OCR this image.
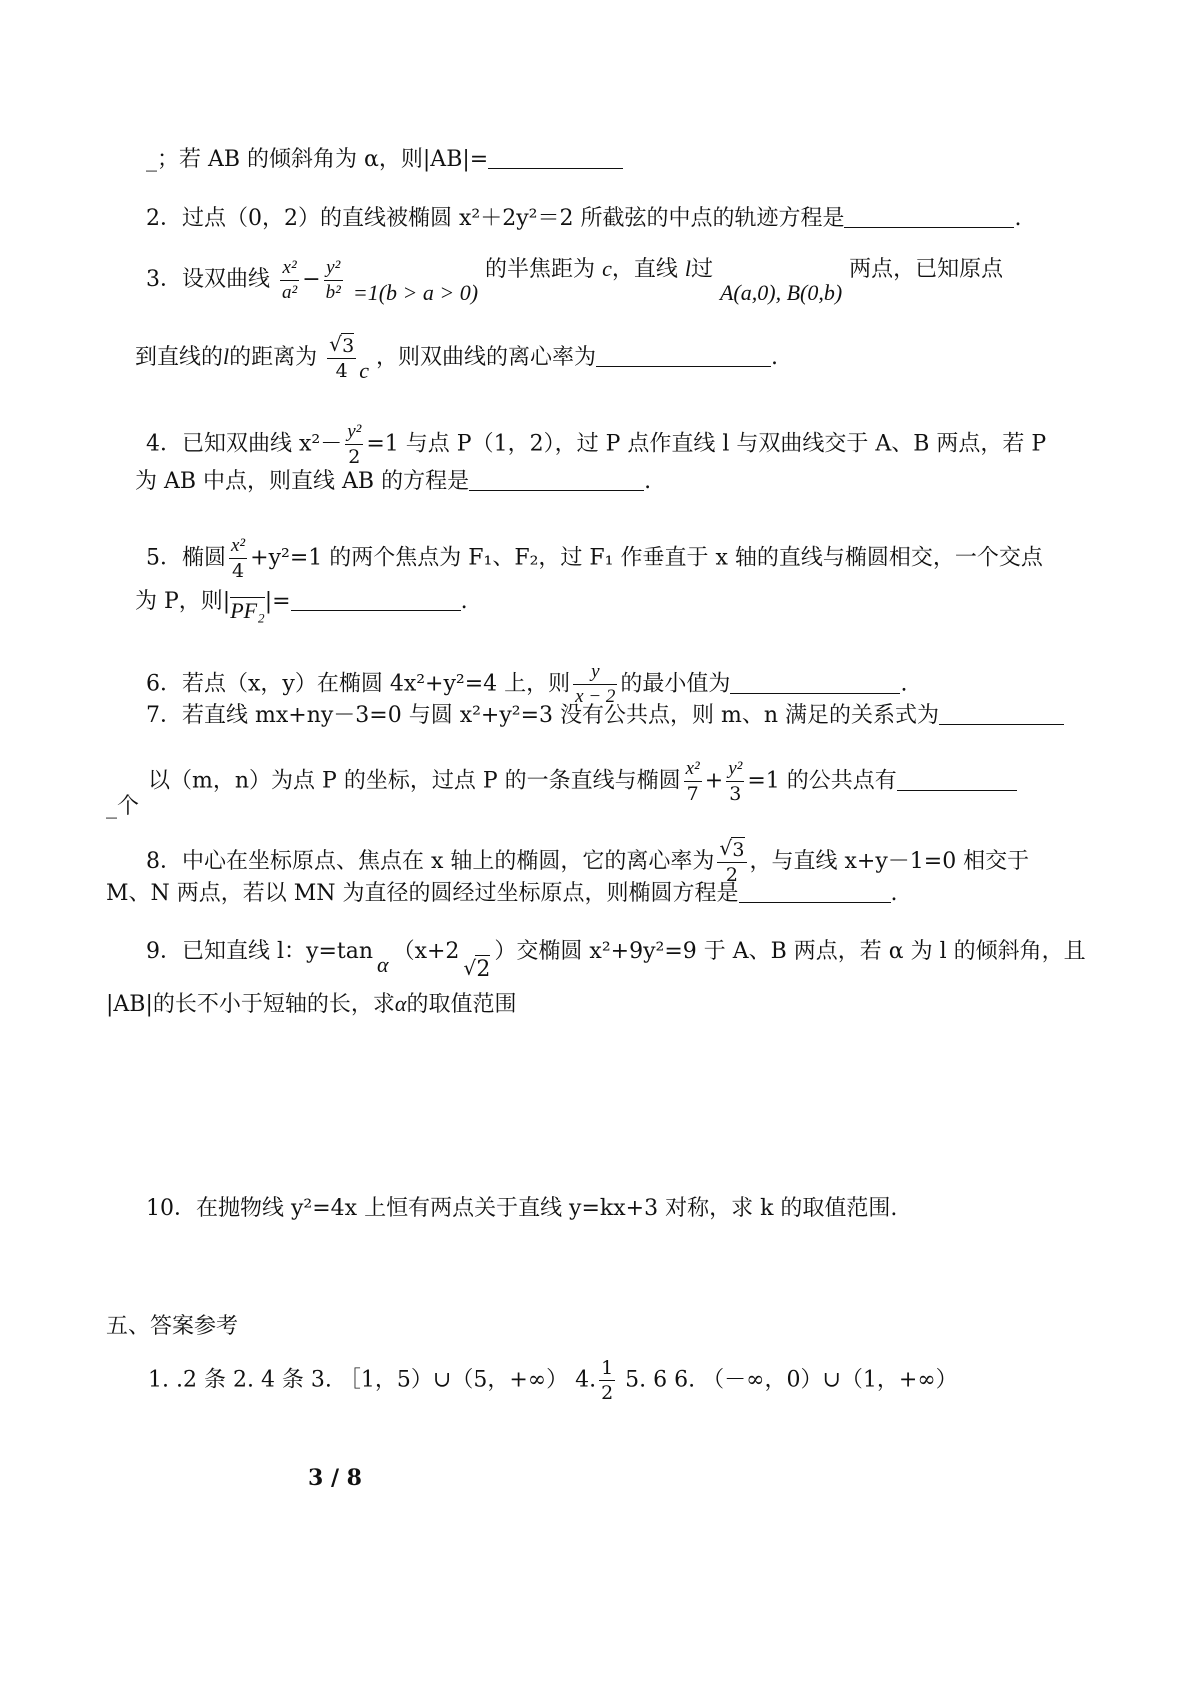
_；若 AB 的倾斜角为 α，则|AB|=
2．过点（0，2）的直线被椭圆 x²＋2y²＝2 所截弦的中点的轨迹方程是	.
3．设双曲线 $\frac{\text{x²}}{\text{a²}} - \frac{\text{y²}}{\text{b²}} =1(b > a > 0)$ 的半焦距为 c，直线 l过 A(a,0), B(0,b) 两点，已知原点
到直线的l的距离为 √ $\frac{3}{4}$ c ，则双曲线的离心率为	.
4．已知双曲线 $x^2- \frac{\text{y²}}{2} =1$ 与点 P（1，2），过 P 点作直线 l 与双曲线交于 A、B 两点，若 P
为 AB 中点，则直线 AB 的方程是	.
5．椭圆 $\frac{\text{x²}}{4} +y^2=1$ 的两个焦点为 F₁、F₂，过 F₁ 作垂直于 x 轴的直线与椭圆相交，一个交点
为 P，则|PF₂|=	.
6．若点（x，y）在椭圆 4x²+y²=4 上，则 $\frac{y}{x - 2}$ 的最小值为	.
7．若直线 mx+ny－3=0 与圆 x²+y²=3 没有公共点，则 m、n 满足的关系式为
以（m，n）为点 P 的坐标，过点 P 的一条直线与椭圆 $\frac{\text{x²}}{7} + \frac{\text{y²}}{3} =1$ 的公共点有
_个
8．中心在坐标原点、焦点在 x 轴上的椭圆，它的离心率为 √ $\frac{3}{2}$ ，与直线 x+y－1=0 相交于
M、N 两点，若以 MN 为直径的圆经过坐标原点，则椭圆方程是	.
9．已知直线 l：y=tanα（x+2√ 2）交椭圆 x²+9y²=9 于 A、B 两点，若 α 为 l 的倾斜角，且
|AB|的长不小于短轴的长，求α的取值范围
10．在抛物线 y²=4x 上恒有两点关于直线 y=kx+3 对称，求 k 的取值范围.
五、答案参考
1. .2 条 2. 4 条 3. ［1，5）∪（5，+∞） 4. $\frac{1}{2} 5$. 6 6. （－∞，0）∪（1，+∞）
3 / 8
